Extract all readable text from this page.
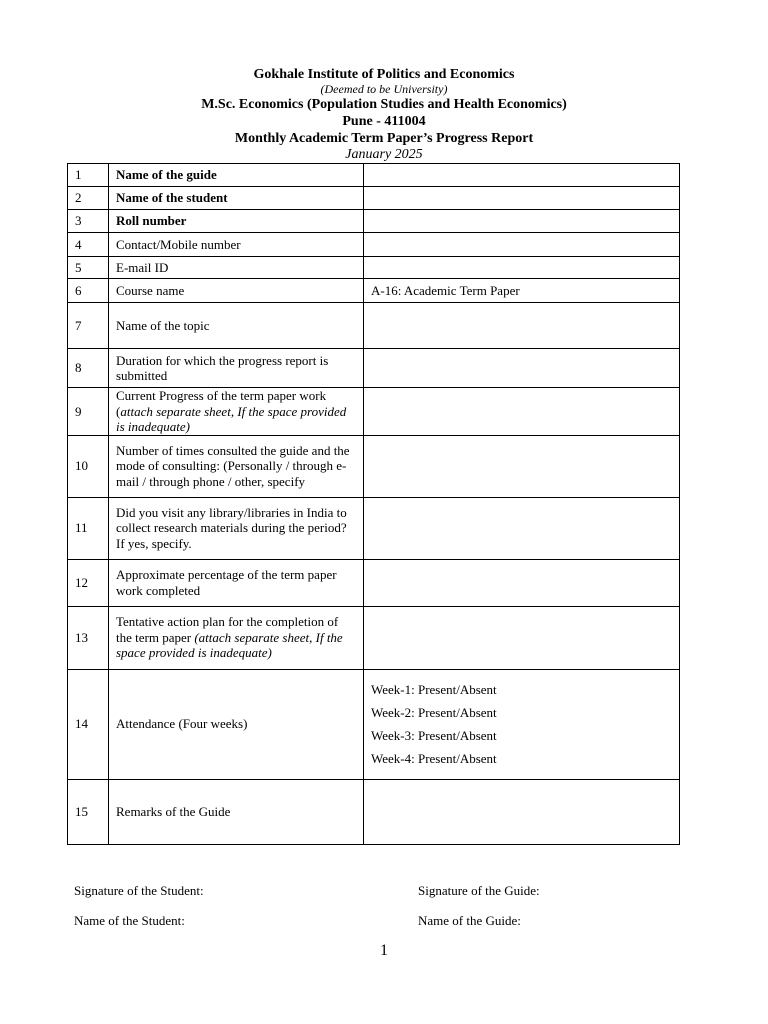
Gokhale Institute of Politics and Economics
(Deemed to be University)
M.Sc. Economics (Population Studies and Health Economics)
Pune - 411004
Monthly Academic Term Paper’s Progress Report
January 2025
1	Name of the guide	
2	Name of the student	
3	Roll number	
4	Contact/Mobile number	
5	E-mail ID	
6	Course name	A-16: Academic Term Paper
7	Name of the topic	
8	Duration for which the progress report is submitted	
9	Current Progress of the term paper work (attach separate sheet, If the space provided is inadequate)	
10	Number of times consulted the guide and the mode of consulting: (Personally / through e-mail / through phone / other, specify	
11	Did you visit any library/libraries in India to collect research materials during the period? If yes, specify.	
12	Approximate percentage of the term paper work completed	
13	Tentative action plan for the completion of the term paper (attach separate sheet, If the space provided is inadequate)	
14	Attendance (Four weeks)	Week-1: Present/Absent
Week-2: Present/Absent
Week-3: Present/Absent
Week-4: Present/Absent

15	Remarks of the Guide	
Signature of the Student:	Signature of the Guide:
Name of the Student:	Name of the Guide:
1
